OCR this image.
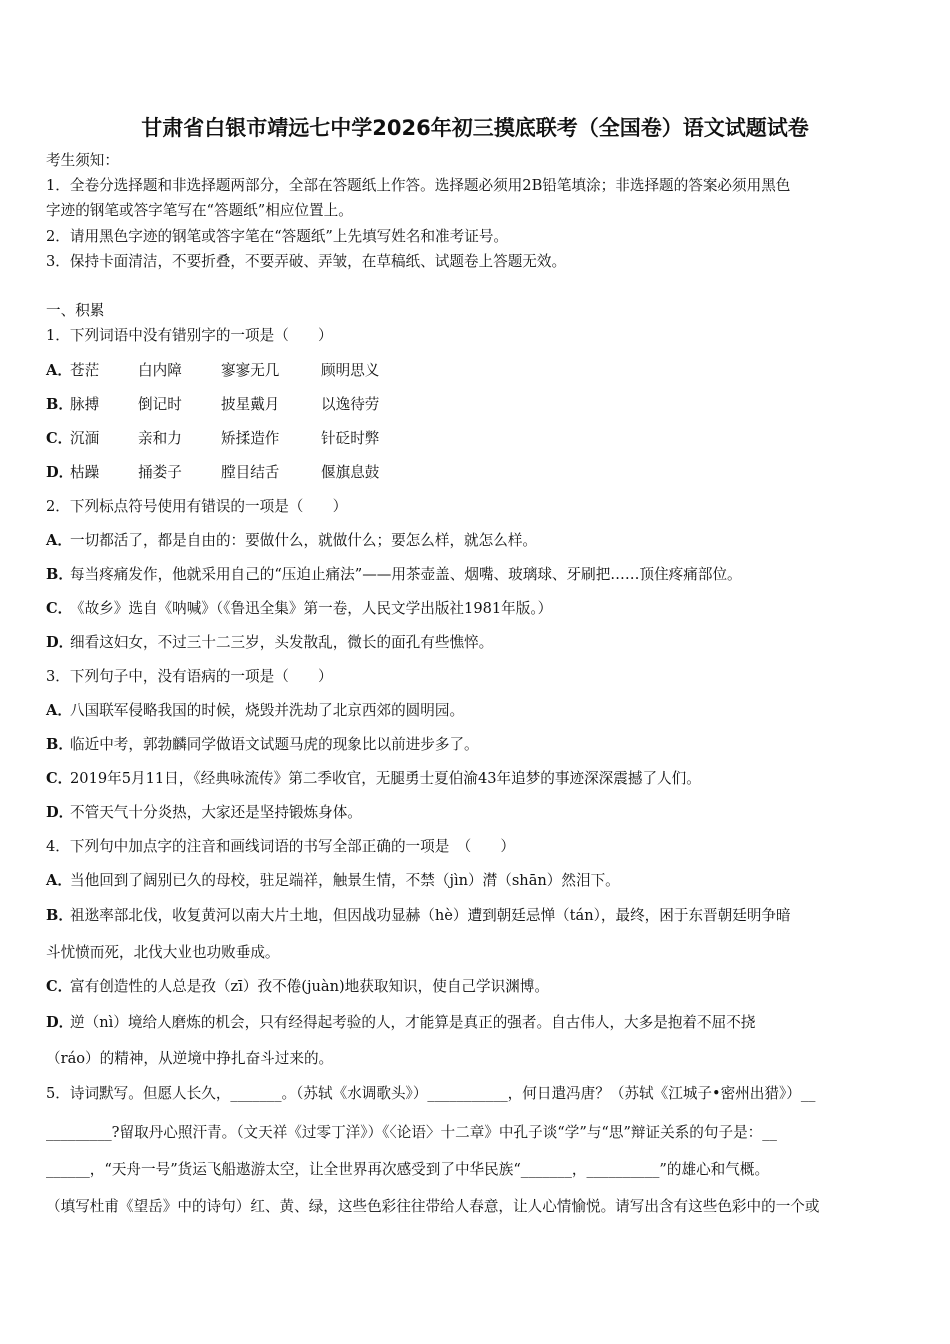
甘肃省白银市靖远七中学2026年初三摸底联考（全国卷）语文试题试卷
考生须知：
1．全卷分选择题和非选择题两部分，全部在答题纸上作答。选择题必须用2B铅笔填涂；非选择题的答案必须用黑色
字迹的钢笔或答字笔写在“答题纸”相应位置上。
2．请用黑色字迹的钢笔或答字笔在“答题纸”上先填写姓名和准考证号。
3．保持卡面清洁，不要折叠，不要弄破、弄皱，在草稿纸、试题卷上答题无效。
一、积累
1．下列词语中没有错别字的一项是（　　）
A．苍茫	白内障	寥寥无几	顾明思义
B．脉搏	倒记时	披星戴月	以逸待劳
C．沉湎	亲和力	矫揉造作	针砭时弊
D．枯躁	捅娄子	膛目结舌	偃旗息鼓
2．下列标点符号使用有错误的一项是（　　）
A．一切都活了，都是自由的：要做什么，就做什么；要怎么样，就怎么样。
B．每当疼痛发作，他就采用自己的“压迫止痛法”——用茶壶盖、烟嘴、玻璃球、牙刷把……顶住疼痛部位。
C．《故乡》选自《呐喊》（《鲁迅全集》第一卷，人民文学出版社1981年版。）
D．细看这妇女，不过三十二三岁，头发散乱，微长的面孔有些憔悴。
3．下列句子中，没有语病的一项是（　　）
A．八国联军侵略我国的时候，烧毁并洗劫了北京西郊的圆明园。
B．临近中考，郭勃麟同学做语文试题马虎的现象比以前进步多了。
C．2019年5月11日，《经典咏流传》第二季收官，无腿勇士夏伯渝43年追梦的事迹深深震撼了人们。
D．不管天气十分炎热，大家还是坚持锻炼身体。
4．下列句中加点字的注音和画线词语的书写全部正确的一项是　（　　）
A．当他回到了阔别已久的母校，驻足端祥，触景生情，不禁（jìn）潸（shān）然泪下。
B．祖逖率部北伐，收复黄河以南大片土地，但因战功显赫（hè）遭到朝廷忌惮（tán），最终，困于东晋朝廷明争暗
斗忧愤而死，北伐大业也功败垂成。
C．富有创造性的人总是孜（zī）孜不倦(juàn)地获取知识，使自己学识渊博。
D．逆（nì）境给人磨炼的机会，只有经得起考验的人，才能算是真正的强者。自古伟人，大多是抱着不屈不挠
（ráo）的精神，从逆境中挣扎奋斗过来的。
5．诗词默写。但愿人长久，_______。（苏轼《水调歌头》）___________，何日遣冯唐？（苏轼《江城子•密州出猎》）__
_________?留取丹心照汗青。（文天祥《过零丁洋》）《〈论语〉十二章》中孔子谈“学”与“思”辩证关系的句子是：__
______，“天舟一号”货运飞船遨游太空，让全世界再次感受到了中华民族“_______，__________”的雄心和气概。
（填写杜甫《望岳》中的诗句）红、黄、绿，这些色彩往往带给人春意，让人心情愉悦。请写出含有这些色彩中的一个或
